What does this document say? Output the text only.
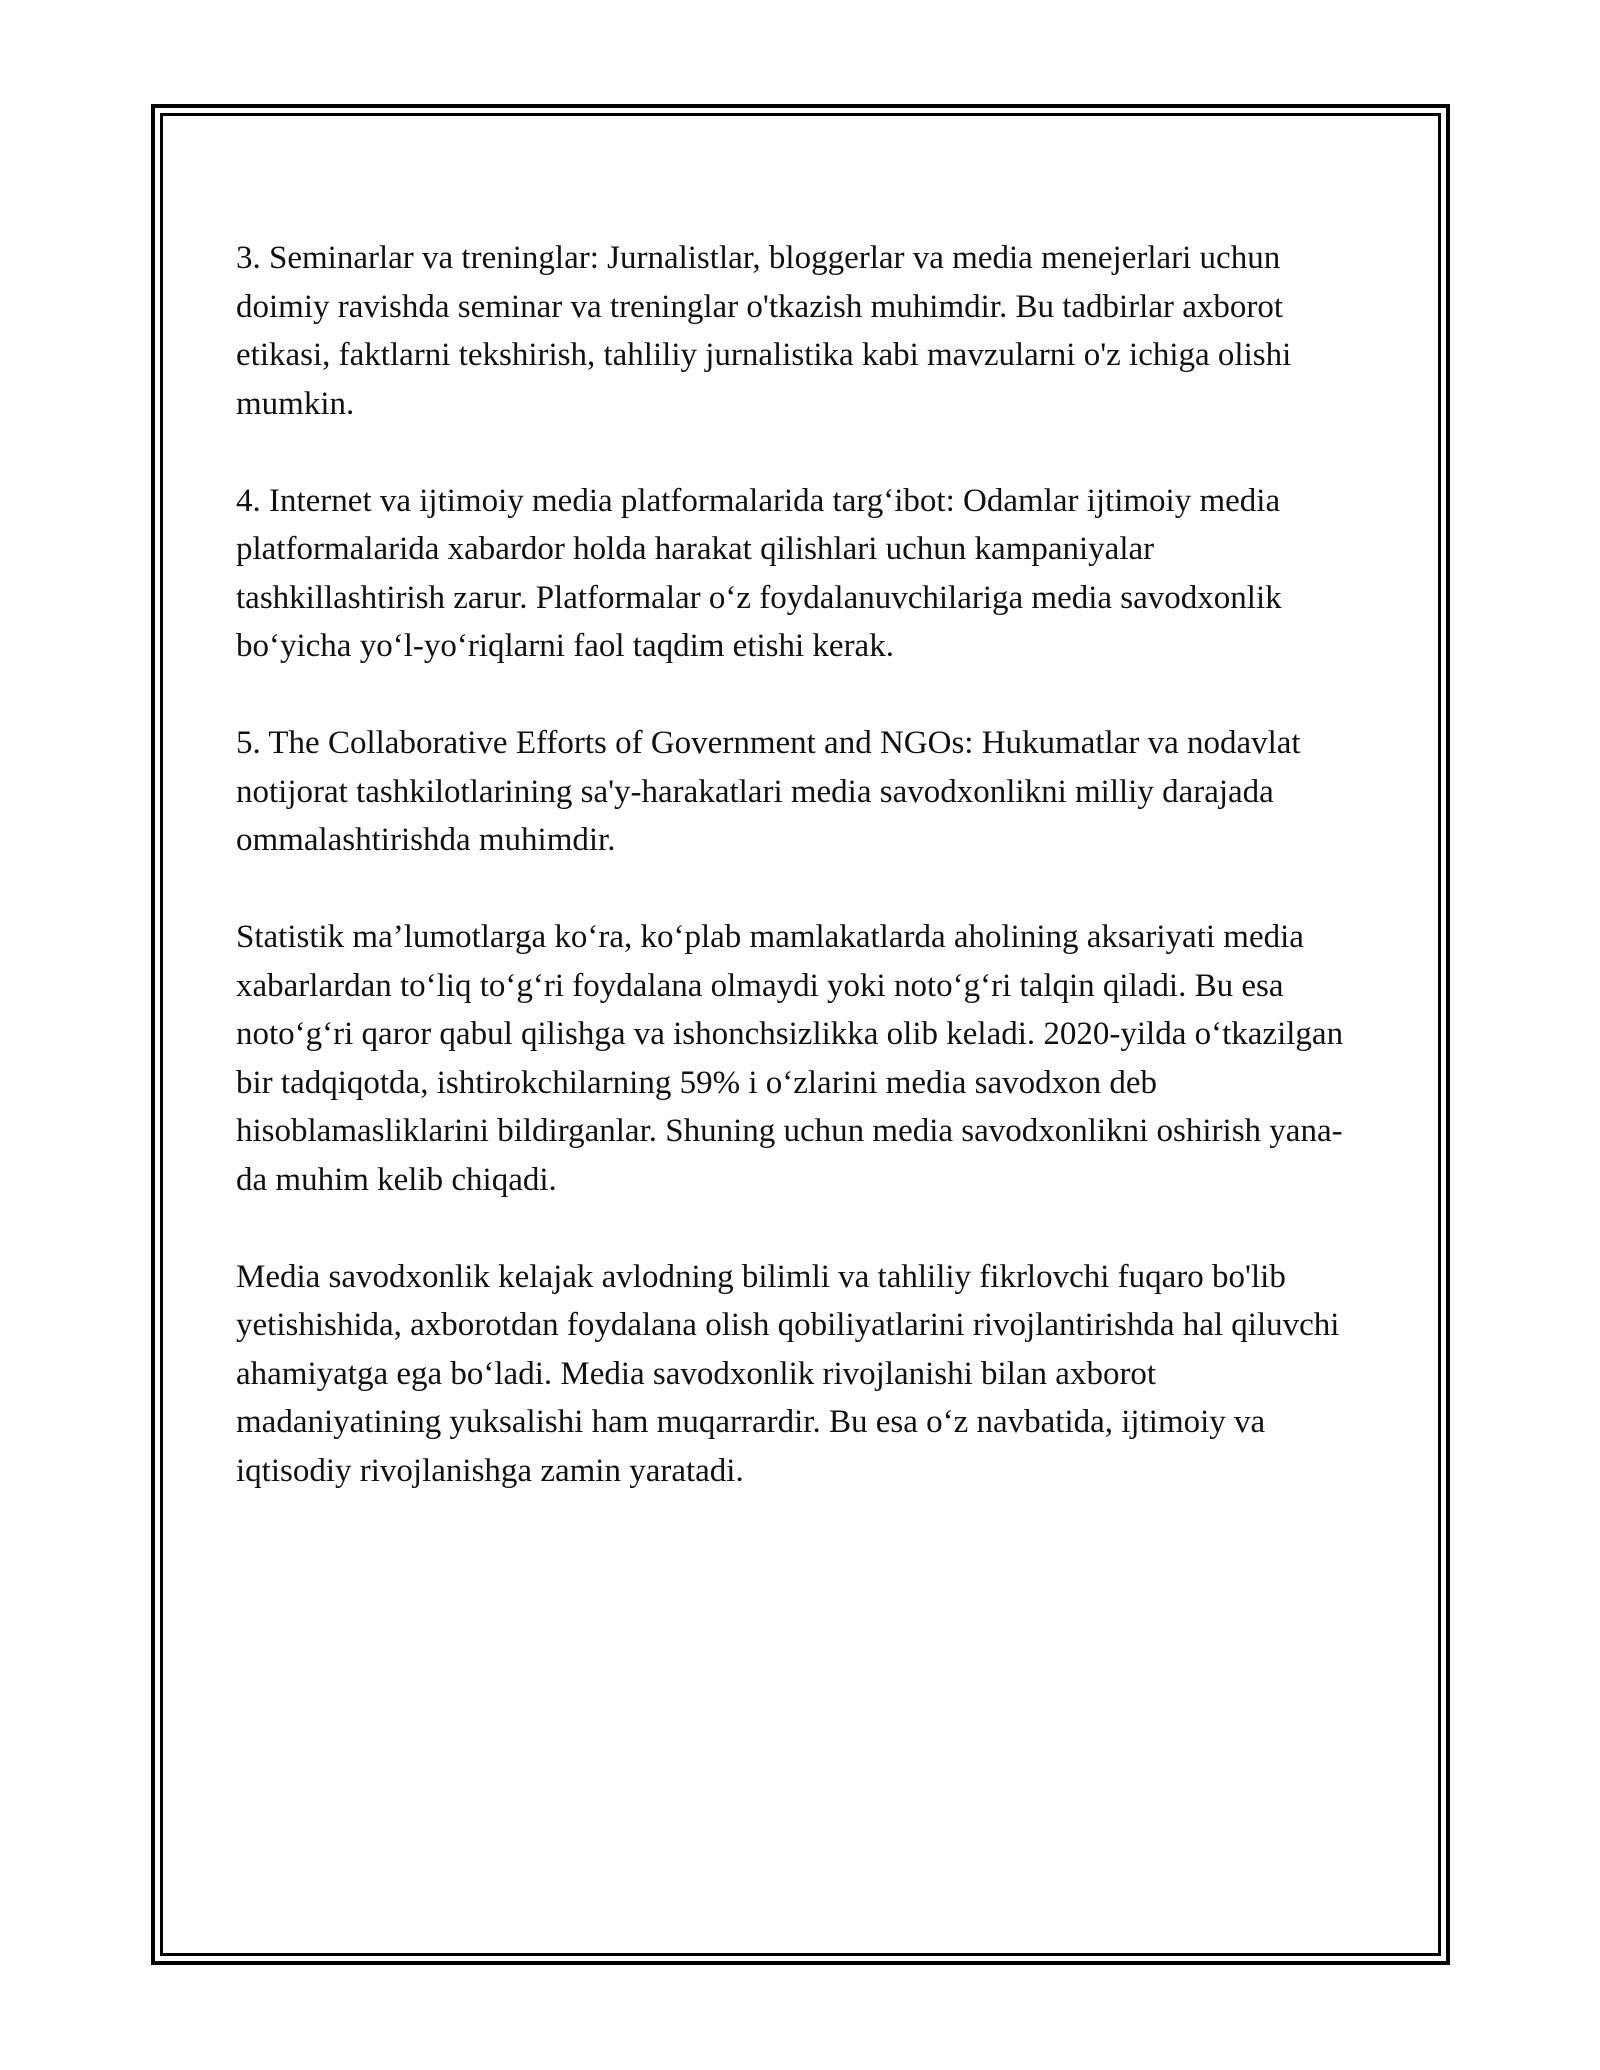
3. Seminarlar va treninglar: Jurnalistlar, bloggerlar va media menejerlari uchun doimiy ravishda seminar va treninglar o'tkazish muhimdir. Bu tadbirlar axborot etikasi, faktlarni tekshirish, tahliliy jurnalistika kabi mavzularni o'z ichiga olishi mumkin.

4. Internet va ijtimoiy media platformalarida targ‘ibot: Odamlar ijtimoiy media platformalarida xabardor holda harakat qilishlari uchun kampaniyalar tashkillashtirish zarur. Platformalar o‘z foydalanuvchilariga media savodxonlik bo‘yicha yo‘l-yo‘riqlarni faol taqdim etishi kerak.

5. The Collaborative Efforts of Government and NGOs: Hukumatlar va nodavlat notijorat tashkilotlarining sa'y-harakatlari media savodxonlikni milliy darajada ommalashtirishda muhimdir.

Statistik ma’lumotlarga ko‘ra, ko‘plab mamlakatlarda aholining aksariyati media xabarlardan to‘liq to‘g‘ri foydalana olmaydi yoki noto‘g‘ri talqin qiladi. Bu esa noto‘g‘ri qaror qabul qilishga va ishonchsizlikka olib keladi. 2020-yilda o‘tkazilgan bir tadqiqotda, ishtirokchilarning 59% i o‘zlarini media savodxon deb hisoblamasliklarini bildirganlar. Shuning uchun media savodxonlikni oshirish yana-da muhim kelib chiqadi.

Media savodxonlik kelajak avlodning bilimli va tahliliy fikrlovchi fuqaro bo'lib yetishishida, axborotdan foydalana olish qobiliyatlarini rivojlantirishda hal qiluvchi ahamiyatga ega bo‘ladi. Media savodxonlik rivojlanishi bilan axborot madaniyatining yuksalishi ham muqarrardir. Bu esa o‘z navbatida, ijtimoiy va iqtisodiy rivojlanishga zamin yaratadi.
